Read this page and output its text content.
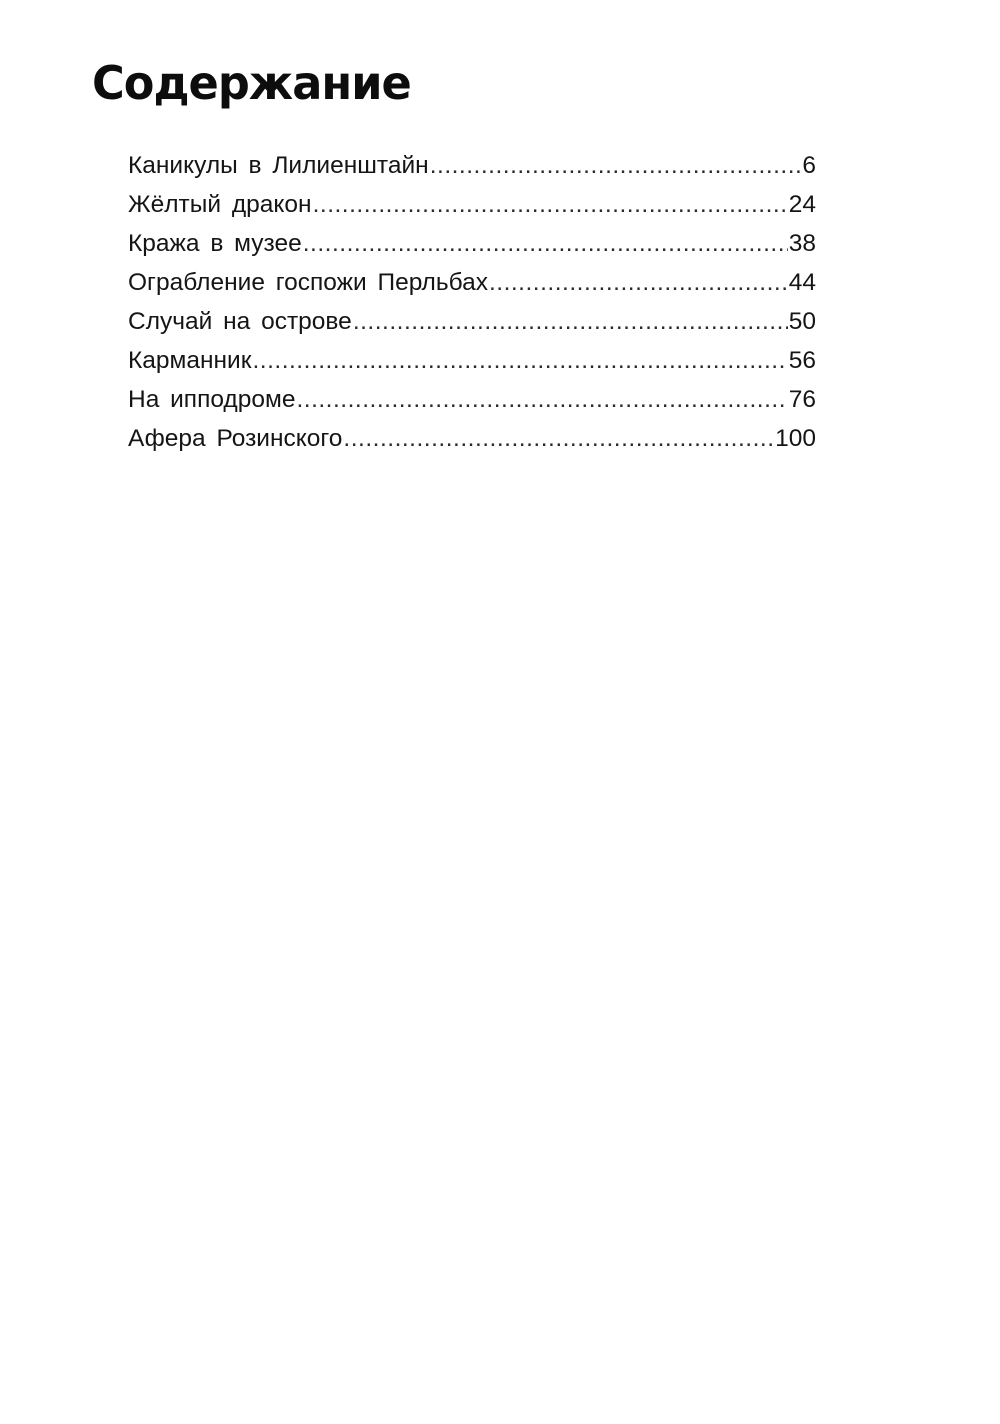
Содержание
Каникулы в Лилиенштайн .....	6
Жёлтый дракон .....	24
Кража в музее .....	38
Ограбление госпожи Перльбах .....	44
Случай на острове .....	50
Карманник .....	56
На ипподроме .....	76
Афера Розинского .....	100
